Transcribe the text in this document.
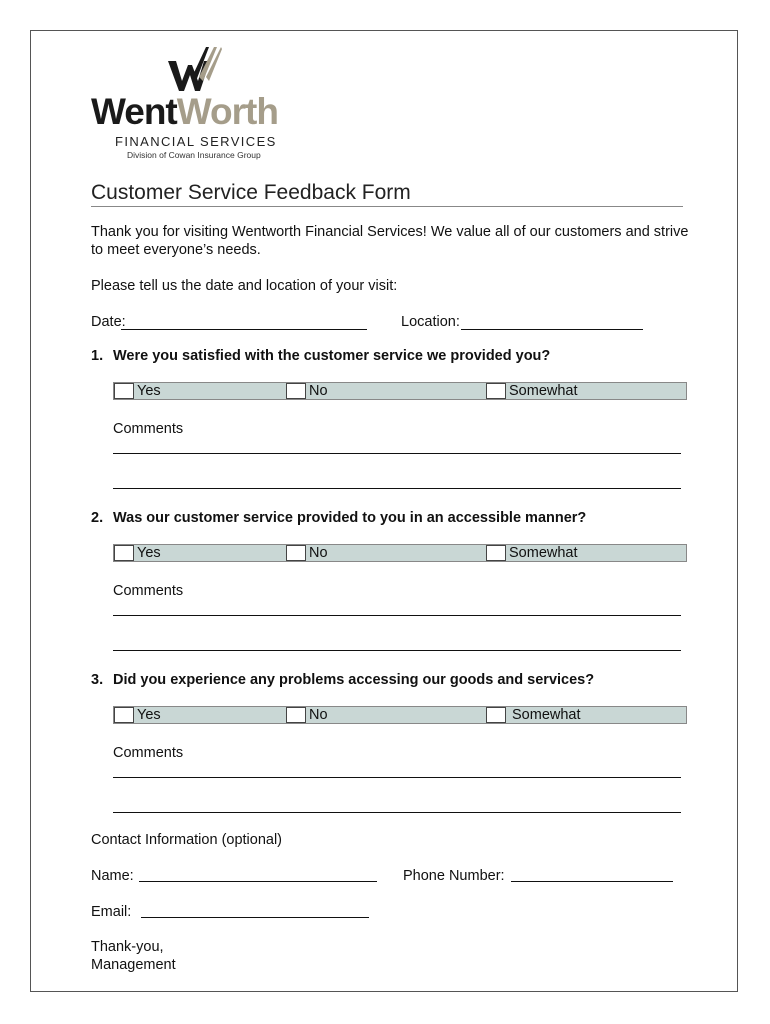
WentWorth
FINANCIAL SERVICES
Division of Cowan Insurance Group
Customer Service Feedback Form
Thank you for visiting Wentworth Financial Services! We value all of our customers and strive to meet everyone’s needs.
Please tell us the date and location of your visit:
Date:	Location:
1. Were you satisfied with the customer service we provided you?
Yes	No	Somewhat
Comments
2. Was our customer service provided to you in an accessible manner?
Yes	No	Somewhat
Comments
3. Did you experience any problems accessing our goods and services?
Yes	No	Somewhat
Comments
Contact Information (optional)
Name:	Phone Number:
Email:
Thank-you,
Management
